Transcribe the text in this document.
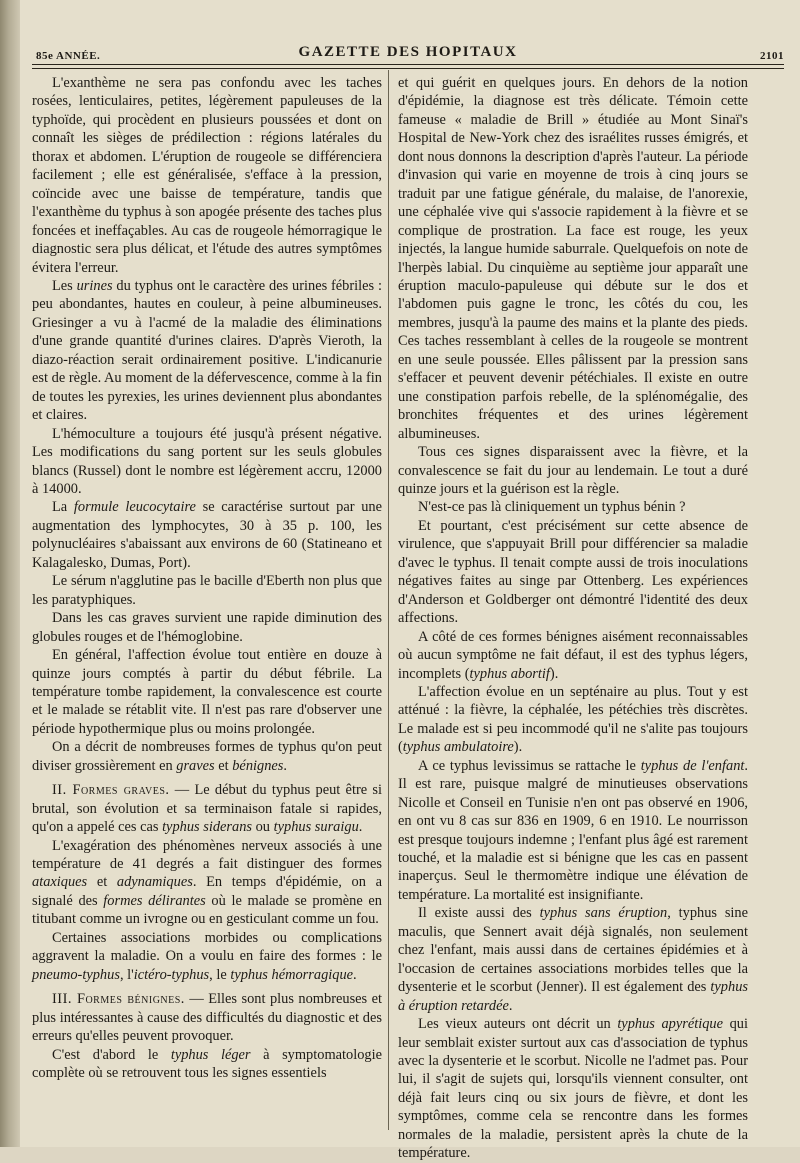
85e ANNÉE.	GAZETTE DES HOPITAUX	2101

L'exanthème ne sera pas confondu avec les taches rosées, lenticulaires, petites, légèrement papuleuses de la typhoïde, qui procèdent en plusieurs poussées et dont on connaît les sièges de prédilection : régions latérales du thorax et abdomen. L'éruption de rougeole se différenciera facilement ; elle est généralisée, s'efface à la pression, coïncide avec une baisse de température, tandis que l'exanthème du typhus à son apogée présente des taches plus foncées et ineffaçables. Au cas de rougeole hémorragique le diagnostic sera plus délicat, et l'étude des autres symptômes évitera l'erreur.

Les urines du typhus ont le caractère des urines fébriles : peu abondantes, hautes en couleur, à peine albumineuses. Griesinger a vu à l'acmé de la maladie des éliminations d'une grande quantité d'urines claires. D'après Vieroth, la diazo-réaction serait ordinairement positive. L'indicanurie est de règle. Au moment de la défervescence, comme à la fin de toutes les pyrexies, les urines deviennent plus abondantes et claires.

L'hémoculture a toujours été jusqu'à présent négative. Les modifications du sang portent sur les seuls globules blancs (Russel) dont le nombre est légèrement accru, 12000 à 14000.

La formule leucocytaire se caractérise surtout par une augmentation des lymphocytes, 30 à 35 p. 100, les polynucléaires s'abaissant aux environs de 60 (Statineano et Kalagalesko, Dumas, Port).

Le sérum n'agglutine pas le bacille d'Eberth non plus que les paratyphiques.

Dans les cas graves survient une rapide diminution des globules rouges et de l'hémoglobine.

En général, l'affection évolue tout entière en douze à quinze jours comptés à partir du début fébrile. La température tombe rapidement, la convalescence est courte et le malade se rétablit vite. Il n'est pas rare d'observer une période hypothermique plus ou moins prolongée.

On a décrit de nombreuses formes de typhus qu'on peut diviser grossièrement en graves et bénignes.

II. Formes graves. — Le début du typhus peut être si brutal, son évolution et sa terminaison fatale si rapides, qu'on a appelé ces cas typhus siderans ou typhus suraigu.

L'exagération des phénomènes nerveux associés à une température de 41 degrés a fait distinguer des formes ataxiques et adynamiques. En temps d'épidémie, on a signalé des formes délirantes où le malade se promène en titubant comme un ivrogne ou en gesticulant comme un fou.

Certaines associations morbides ou complications aggravent la maladie. On a voulu en faire des formes : le pneumo-typhus, l'ictéro-typhus, le typhus hémorragique.

III. Formes bénignes. — Elles sont plus nombreuses et plus intéressantes à cause des difficultés du diagnostic et des erreurs qu'elles peuvent provoquer.

C'est d'abord le typhus léger à symptomatologie complète où se retrouvent tous les signes essentiels

et qui guérit en quelques jours. En dehors de la notion d'épidémie, la diagnose est très délicate. Témoin cette fameuse « maladie de Brill » étudiée au Mont Sinaï's Hospital de New-York chez des israélites russes émigrés, et dont nous donnons la description d'après l'auteur. La période d'invasion qui varie en moyenne de trois à cinq jours se traduit par une fatigue générale, du malaise, de l'anorexie, une céphalée vive qui s'associe rapidement à la fièvre et se complique de prostration. La face est rouge, les yeux injectés, la langue humide saburrale. Quelquefois on note de l'herpès labial. Du cinquième au septième jour apparaît une éruption maculo-papuleuse qui débute sur le dos et l'abdomen puis gagne le tronc, les côtés du cou, les membres, jusqu'à la paume des mains et la plante des pieds. Ces taches ressemblant à celles de la rougeole se montrent en une seule poussée. Elles pâlissent par la pression sans s'effacer et peuvent devenir pétéchiales. Il existe en outre une constipation parfois rebelle, de la splénomégalie, des bronchites fréquentes et des urines légèrement albumineuses.

Tous ces signes disparaissent avec la fièvre, et la convalescence se fait du jour au lendemain. Le tout a duré quinze jours et la guérison est la règle.

N'est-ce pas là cliniquement un typhus bénin ?

Et pourtant, c'est précisément sur cette absence de virulence, que s'appuyait Brill pour différencier sa maladie d'avec le typhus. Il tenait compte aussi de trois inoculations négatives faites au singe par Ottenberg. Les expériences d'Anderson et Goldberger ont démontré l'identité des deux affections.

A côté de ces formes bénignes aisément reconnaissables où aucun symptôme ne fait défaut, il est des typhus légers, incomplets (typhus abortif).

L'affection évolue en un septénaire au plus. Tout y est atténué : la fièvre, la céphalée, les pétéchies très discrètes. Le malade est si peu incommodé qu'il ne s'alite pas toujours (typhus ambulatoire).

A ce typhus levissimus se rattache le typhus de l'enfant. Il est rare, puisque malgré de minutieuses observations Nicolle et Conseil en Tunisie n'en ont pas observé en 1906, en ont vu 8 cas sur 836 en 1909, 6 en 1910. Le nourrisson est presque toujours indemne ; l'enfant plus âgé est rarement touché, et la maladie est si bénigne que les cas en passent inaperçus. Seul le thermomètre indique une élévation de température. La mortalité est insignifiante.

Il existe aussi des typhus sans éruption, typhus sine maculis, que Sennert avait déjà signalés, non seulement chez l'enfant, mais aussi dans de certaines épidémies et à l'occasion de certaines associations morbides telles que la dysenterie et le scorbut (Jenner). Il est également des typhus à éruption retardée.

Les vieux auteurs ont décrit un typhus apyrétique qui leur semblait exister surtout aux cas d'association de typhus avec la dysenterie et le scorbut. Nicolle ne l'admet pas. Pour lui, il s'agit de sujets qui, lorsqu'ils viennent consulter, ont déjà fait leurs cinq ou six jours de fièvre, et dont les symptômes, comme cela se rencontre dans les formes normales de la maladie, persistent après la chute de la température.
